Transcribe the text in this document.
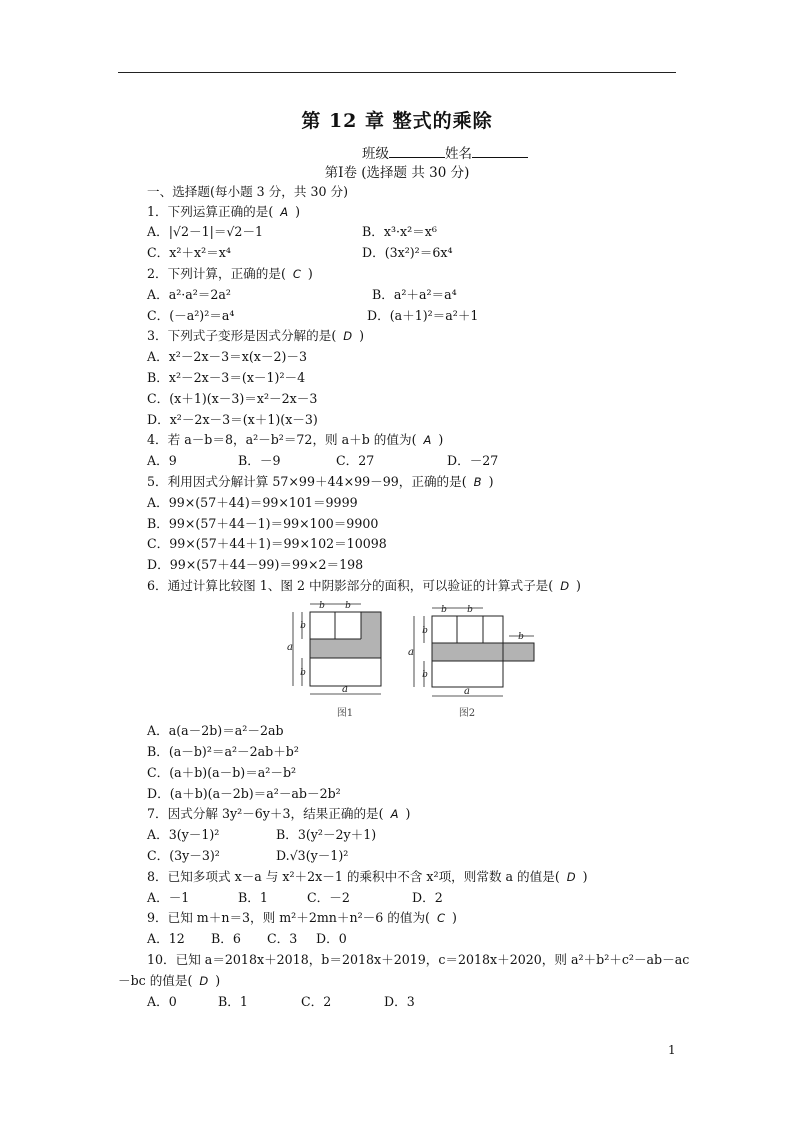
第 12 章 整式的乘除
班级	姓名
第Ⅰ卷 (选择题 共 30 分)
一、选择题(每小题 3 分，共 30 分)
1．下列运算正确的是( A )
A．|√2－1|＝√2－1	B．x³·x²＝x⁶
C．x²＋x²＝x⁴	D．(3x²)²＝6x⁴
2．下列计算，正确的是( C )
A．a²·a²＝2a²	B．a²＋a²＝a⁴
C．(－a²)²＝a⁴	D．(a＋1)²＝a²＋1
3．下列式子变形是因式分解的是( D )
A．x²－2x－3＝x(x－2)－3
B．x²－2x－3＝(x－1)²－4
C．(x＋1)(x－3)＝x²－2x－3
D．x²－2x－3＝(x＋1)(x－3)
4．若 a－b＝8，a²－b²＝72，则 a＋b 的值为( A )
A．9	B．－9	C．27	D．－27
5．利用因式分解计算 57×99＋44×99－99，正确的是( B )
A．99×(57＋44)＝99×101＝9999
B．99×(57＋44－1)＝99×100＝9900
C．99×(57＋44＋1)＝99×102＝10098
D．99×(57＋44－99)＝99×2＝198
6．通过计算比较图 1、图 2 中阴影部分的面积，可以验证的计算式子是( D )
b b
b
b
a
a
图1
b b
b
b
b
a
a
图2
A．a(a－2b)＝a²－2ab
B．(a－b)²＝a²－2ab＋b²
C．(a＋b)(a－b)＝a²－b²
D．(a＋b)(a－2b)＝a²－ab－2b²
7．因式分解 3y²－6y＋3，结果正确的是( A )
A．3(y－1)²	B．3(y²－2y＋1)
C．(3y－3)²	D.√3(y－1)²
8．已知多项式 x－a 与 x²＋2x－1 的乘积中不含 x²项，则常数 a 的值是( D )
A．－1	B．1	C．－2	D．2
9．已知 m＋n＝3，则 m²＋2mn＋n²－6 的值为( C )
A．12 B．6 C．3 D．0
10．已知 a＝2018x＋2018，b＝2018x＋2019，c＝2018x＋2020，则 a²＋b²＋c²－ab－ac
－bc 的值是( D )
A．0	B．1	C．2	D．3
1
